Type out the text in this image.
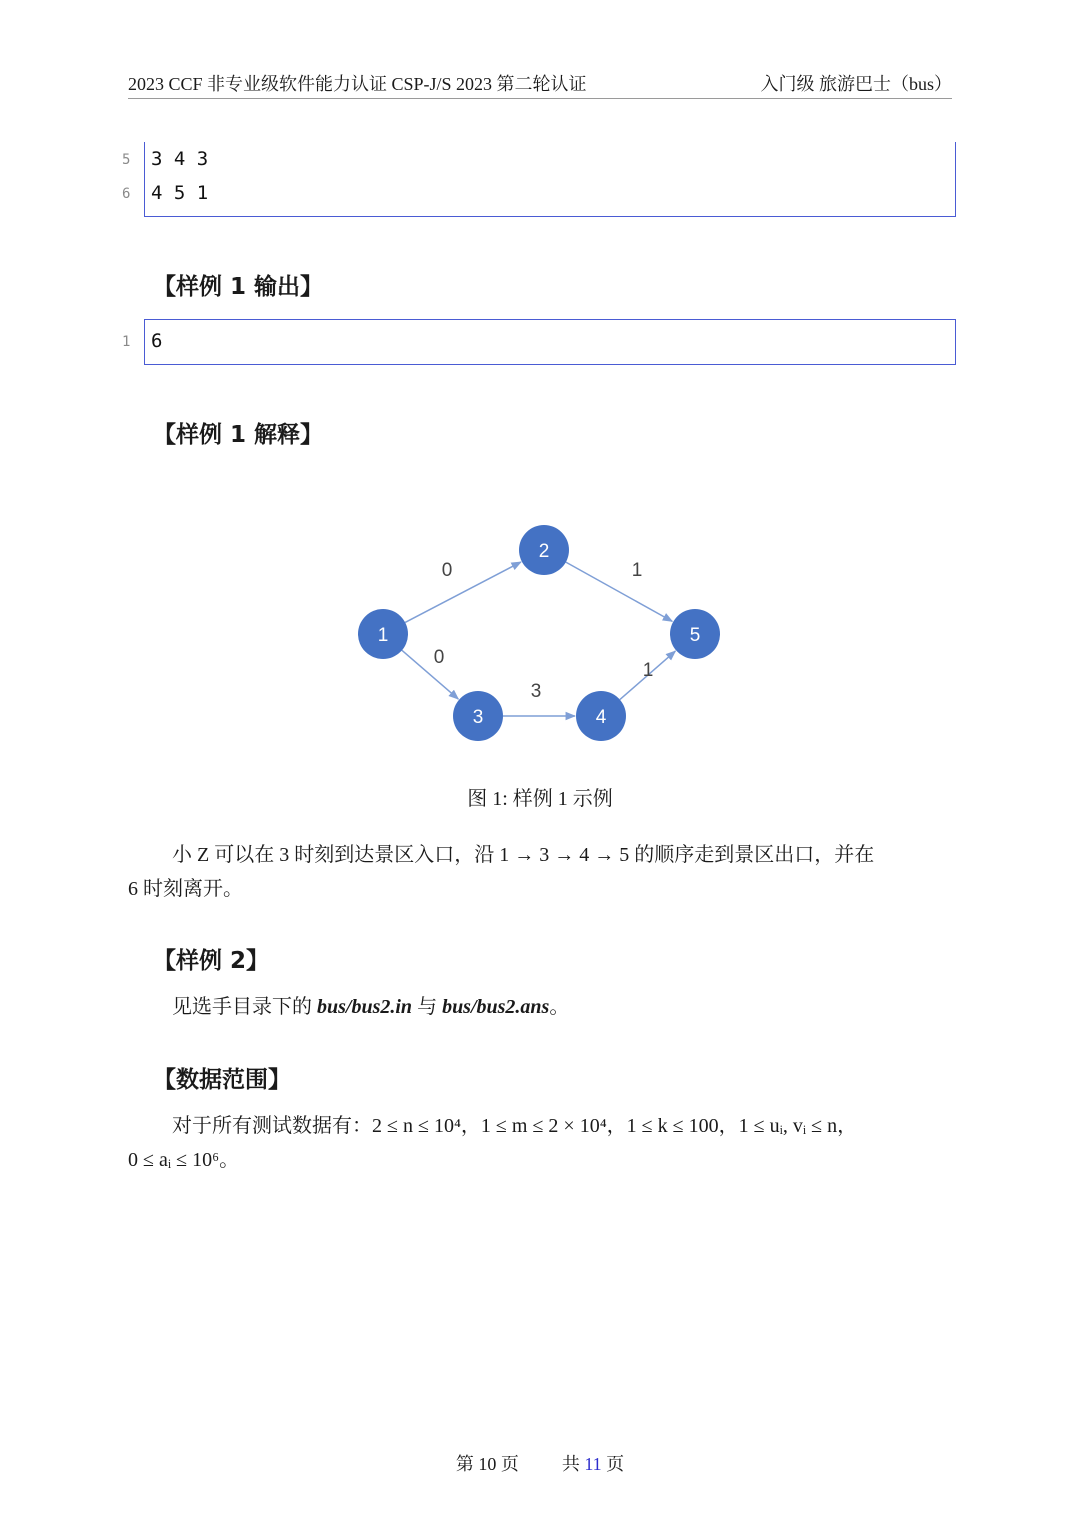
2023 CCF 非专业级软件能力认证 CSP-J/S 2023 第二轮认证	入门级 旅游巴士（bus）
5
6
3 4 3
4 5 1
【样例 1 输出】
1 6
【样例 1 解释】
0	1
0
3
1
1
2
3	4
5
图 1: 样例 1 示例
小 Z 可以在 3 时刻到达景区入口，沿 1 → 3 → 4 → 5 的顺序走到景区出口，并在
6 时刻离开。
【样例 2】
见选手目录下的 bus/bus2.in 与 bus/bus2.ans。
【数据范围】
对于所有测试数据有：2 ≤ n ≤ 10⁴，1 ≤ m ≤ 2 × 10⁴，1 ≤ k ≤ 100，1 ≤ uᵢ, vᵢ ≤ n，
0 ≤ aᵢ ≤ 10⁶。
第 10 页 共 11 页
